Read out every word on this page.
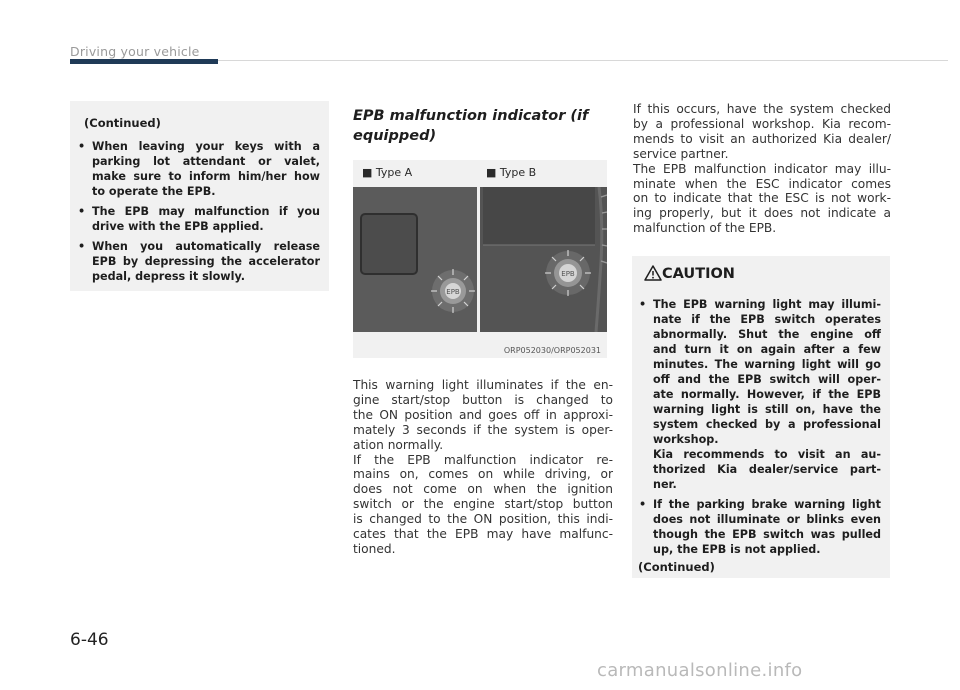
Driving your vehicle
(Continued)
• When leaving your keys with a
parking lot attendant or valet,
make sure to inform him/her how
to operate the EPB.
• The EPB may malfunction if you
drive with the EPB applied.
• When you automatically release
EPB by depressing the accelerator
pedal, depress it slowly.
EPB malfunction indicator (if
equipped)
■ Type A	■ Type B
EPB
EPB
ORP052030/ORP052031
This warning light illuminates if the en-
gine start/stop button is changed to
the ON position and goes off in approxi-
mately 3 seconds if the system is oper-
ation normally.
If the EPB malfunction indicator re-
mains on, comes on while driving, or
does not come on when the ignition
switch or the engine start/stop button
is changed to the ON position, this indi-
cates that the EPB may have malfunc-
tioned.
If this occurs, have the system checked
by a professional workshop. Kia recom-
mends to visit an authorized Kia dealer/
service partner.
The EPB malfunction indicator may illu-
minate when the ESC indicator comes
on to indicate that the ESC is not work-
ing properly, but it does not indicate a
malfunction of the EPB.
CAUTION
• The EPB warning light may illumi-
nate if the EPB switch operates
abnormally. Shut the engine off
and turn it on again after a few
minutes. The warning light will go
off and the EPB switch will oper-
ate normally. However, if the EPB
warning light is still on, have the
system checked by a professional
workshop.
Kia recommends to visit an au-
thorized Kia dealer/service part-
ner.
• If the parking brake warning light
does not illuminate or blinks even
though the EPB switch was pulled
up, the EPB is not applied.
(Continued)
6-46
carmanualsonline.info
